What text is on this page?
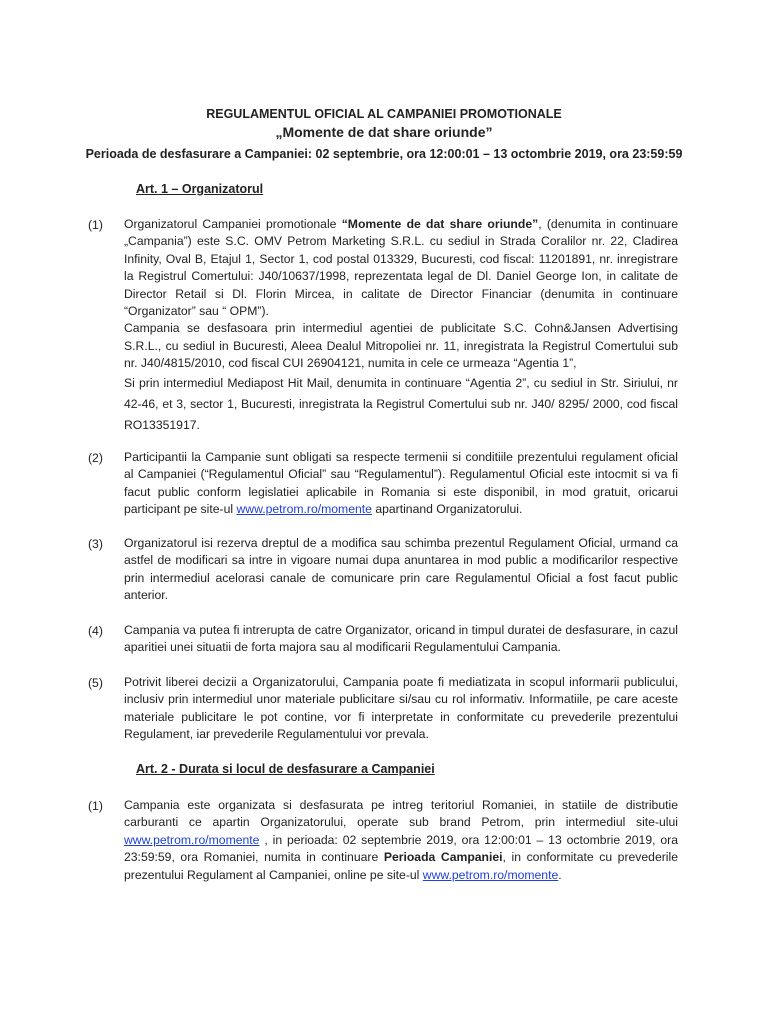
REGULAMENTUL OFICIAL AL CAMPANIEI PROMOTIONALE

„Momente de dat share oriunde”

Perioada de desfasurare a Campaniei: 02 septembrie, ora 12:00:01 – 13 octombrie 2019, ora 23:59:59

Art. 1 – Organizatorul

(1) Organizatorul Campaniei promotionale “Momente de dat share oriunde”, (denumita in continuare „Campania”) este S.C. OMV Petrom Marketing S.R.L. cu sediul in Strada Coralilor nr. 22, Cladirea Infinity, Oval B, Etajul 1, Sector 1, cod postal 013329, Bucuresti, cod fiscal: 11201891, nr. inregistrare la Registrul Comertului: J40/10637/1998, reprezentata legal de Dl. Daniel George Ion, in calitate de Director Retail si Dl. Florin Mircea, in calitate de Director Financiar (denumita in continuare “Organizator” sau “ OPM”).
Campania se desfasoara prin intermediul agentiei de publicitate S.C. Cohn&Jansen Advertising S.R.L., cu sediul in Bucuresti, Aleea Dealul Mitropoliei nr. 11, inregistrata la Registrul Comertului sub nr. J40/4815/2010, cod fiscal CUI 26904121, numita in cele ce urmeaza “Agentia 1”,
Si prin intermediul Mediapost Hit Mail, denumita in continuare “Agentia 2”, cu sediul in Str. Siriului, nr 42-46, et 3, sector 1, Bucuresti, inregistrata la Registrul Comertului sub nr. J40/ 8295/ 2000, cod fiscal RO13351917.

(2) Participantii la Campanie sunt obligati sa respecte termenii si conditiile prezentului regulament oficial al Campaniei (“Regulamentul Oficial” sau “Regulamentul”). Regulamentul Oficial este intocmit si va fi facut public conform legislatiei aplicabile in Romania si este disponibil, in mod gratuit, oricarui participant pe site-ul www.petrom.ro/momente apartinand Organizatorului.

(3) Organizatorul isi rezerva dreptul de a modifica sau schimba prezentul Regulament Oficial, urmand ca astfel de modificari sa intre in vigoare numai dupa anuntarea in mod public a modificarilor respective prin intermediul acelorasi canale de comunicare prin care Regulamentul Oficial a fost facut public anterior.

(4) Campania va putea fi intrerupta de catre Organizator, oricand in timpul duratei de desfasurare, in cazul aparitiei unei situatii de forta majora sau al modificarii Regulamentului Campania.

(5) Potrivit liberei decizii a Organizatorului, Campania poate fi mediatizata in scopul informarii publicului, inclusiv prin intermediul unor materiale publicitare si/sau cu rol informativ. Informatiile, pe care aceste materiale publicitare le pot contine, vor fi interpretate in conformitate cu prevederile prezentului Regulament, iar prevederile Regulamentului vor prevala.

Art. 2 - Durata si locul de desfasurare a Campaniei

(1) Campania este organizata si desfasurata pe intreg teritoriul Romaniei, in statiile de distributie carburanti ce apartin Organizatorului, operate sub brand Petrom, prin intermediul site-ului www.petrom.ro/momente , in perioada: 02 septembrie 2019, ora 12:00:01 – 13 octombrie 2019, ora 23:59:59, ora Romaniei, numita in continuare Perioada Campaniei, in conformitate cu prevederile prezentului Regulament al Campaniei, online pe site-ul www.petrom.ro/momente.
